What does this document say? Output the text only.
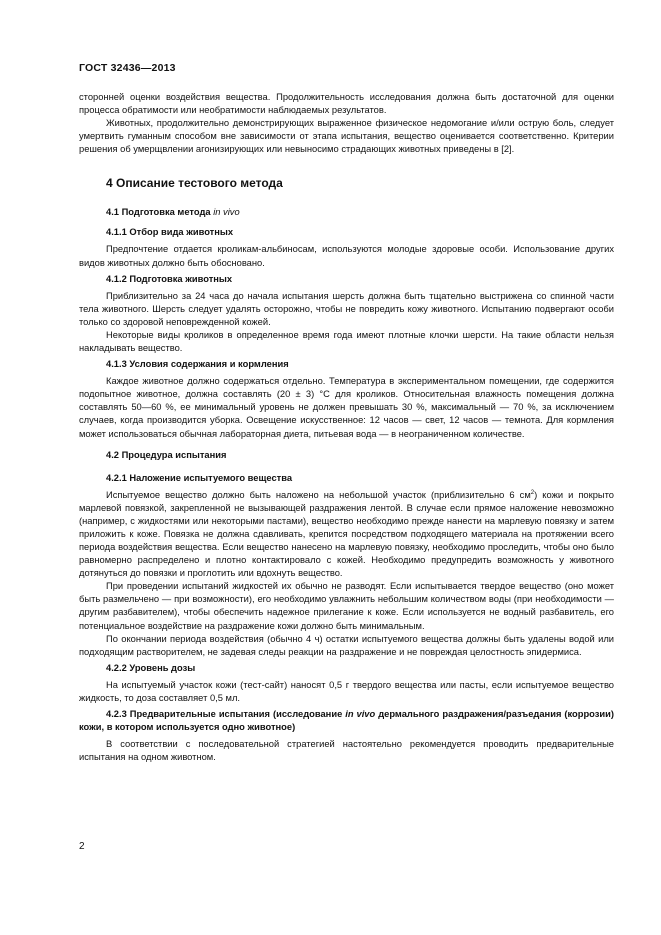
ГОСТ 32436—2013

сторонней оценки воздействия вещества. Продолжительность исследования должна быть достаточной для оценки процесса обратимости или необратимости наблюдаемых результатов.

Животных, продолжительно демонстрирующих выраженное физическое недомогание и/или острую боль, следует умертвить гуманным способом вне зависимости от этапа испытания, вещество оценивается соответственно. Критерии решения об умерщвлении агонизирующих или невыносимо страдающих животных приведены в [2].

4 Описание тестового метода
4.1 Подготовка метода in vivo
4.1.1 Отбор вида животных

Предпочтение отдается кроликам-альбиносам, используются молодые здоровые особи. Использование других видов животных должно быть обосновано.

4.1.2 Подготовка животных

Приблизительно за 24 часа до начала испытания шерсть должна быть тщательно выстрижена со спинной части тела животного. Шерсть следует удалять осторожно, чтобы не повредить кожу животного. Испытанию подвергают особи только со здоровой неповрежденной кожей.

Некоторые виды кроликов в определенное время года имеют плотные клочки шерсти. На такие области нельзя накладывать вещество.

4.1.3 Условия содержания и кормления

Каждое животное должно содержаться отдельно. Температура в экспериментальном помещении, где содержится подопытное животное, должна составлять (20 ± 3) °С для кроликов. Относительная влажность помещения должна составлять 50—60 %, ее минимальный уровень не должен превышать 30 %, максимальный — 70 %, за исключением случаев, когда производится уборка. Освещение искусственное: 12 часов — свет, 12 часов — темнота. Для кормления может использоваться обычная лабораторная диета, питьевая вода — в неограниченном количестве.

4.2 Процедура испытания
4.2.1 Наложение испытуемого вещества

Испытуемое вещество должно быть наложено на небольшой участок (приблизительно 6 $см^2$) кожи и покрыто марлевой повязкой, закрепленной не вызывающей раздражения лентой. В случае если прямое наложение невозможно (например, с жидкостями или некоторыми пастами), вещество необходимо прежде нанести на марлевую повязку и затем приложить к коже. Повязка не должна сдавливать, крепится посредством подходящего материала на протяжении всего периода воздействия вещества. Если вещество нанесено на марлевую повязку, необходимо проследить, чтобы оно было равномерно распределено и плотно контактировало с кожей. Необходимо предупредить возможность у животного дотянуться до повязки и проглотить или вдохнуть вещество.

При проведении испытаний жидкостей их обычно не разводят. Если испытывается твердое вещество (оно может быть размельчено — при возможности), его необходимо увлажнить небольшим количеством воды (при необходимости — другим разбавителем), чтобы обеспечить надежное прилегание к коже. Если используется не водный разбавитель, его потенциальное воздействие на раздражение кожи должно быть минимальным.

По окончании периода воздействия (обычно 4 ч) остатки испытуемого вещества должны быть удалены водой или подходящим растворителем, не задевая следы реакции на раздражение и не повреждая целостность эпидермиса.

4.2.2 Уровень дозы

На испытуемый участок кожи (тест-сайт) наносят 0,5 г твердого вещества или пасты, если испытуемое вещество жидкость, то доза составляет 0,5 мл.

4.2.3 Предварительные испытания (исследование in vivo дермального раздражения/разъедания (коррозии) кожи, в котором используется одно животное)

В соответствии с последовательной стратегией настоятельно рекомендуется проводить предварительные испытания на одном животном.

2
